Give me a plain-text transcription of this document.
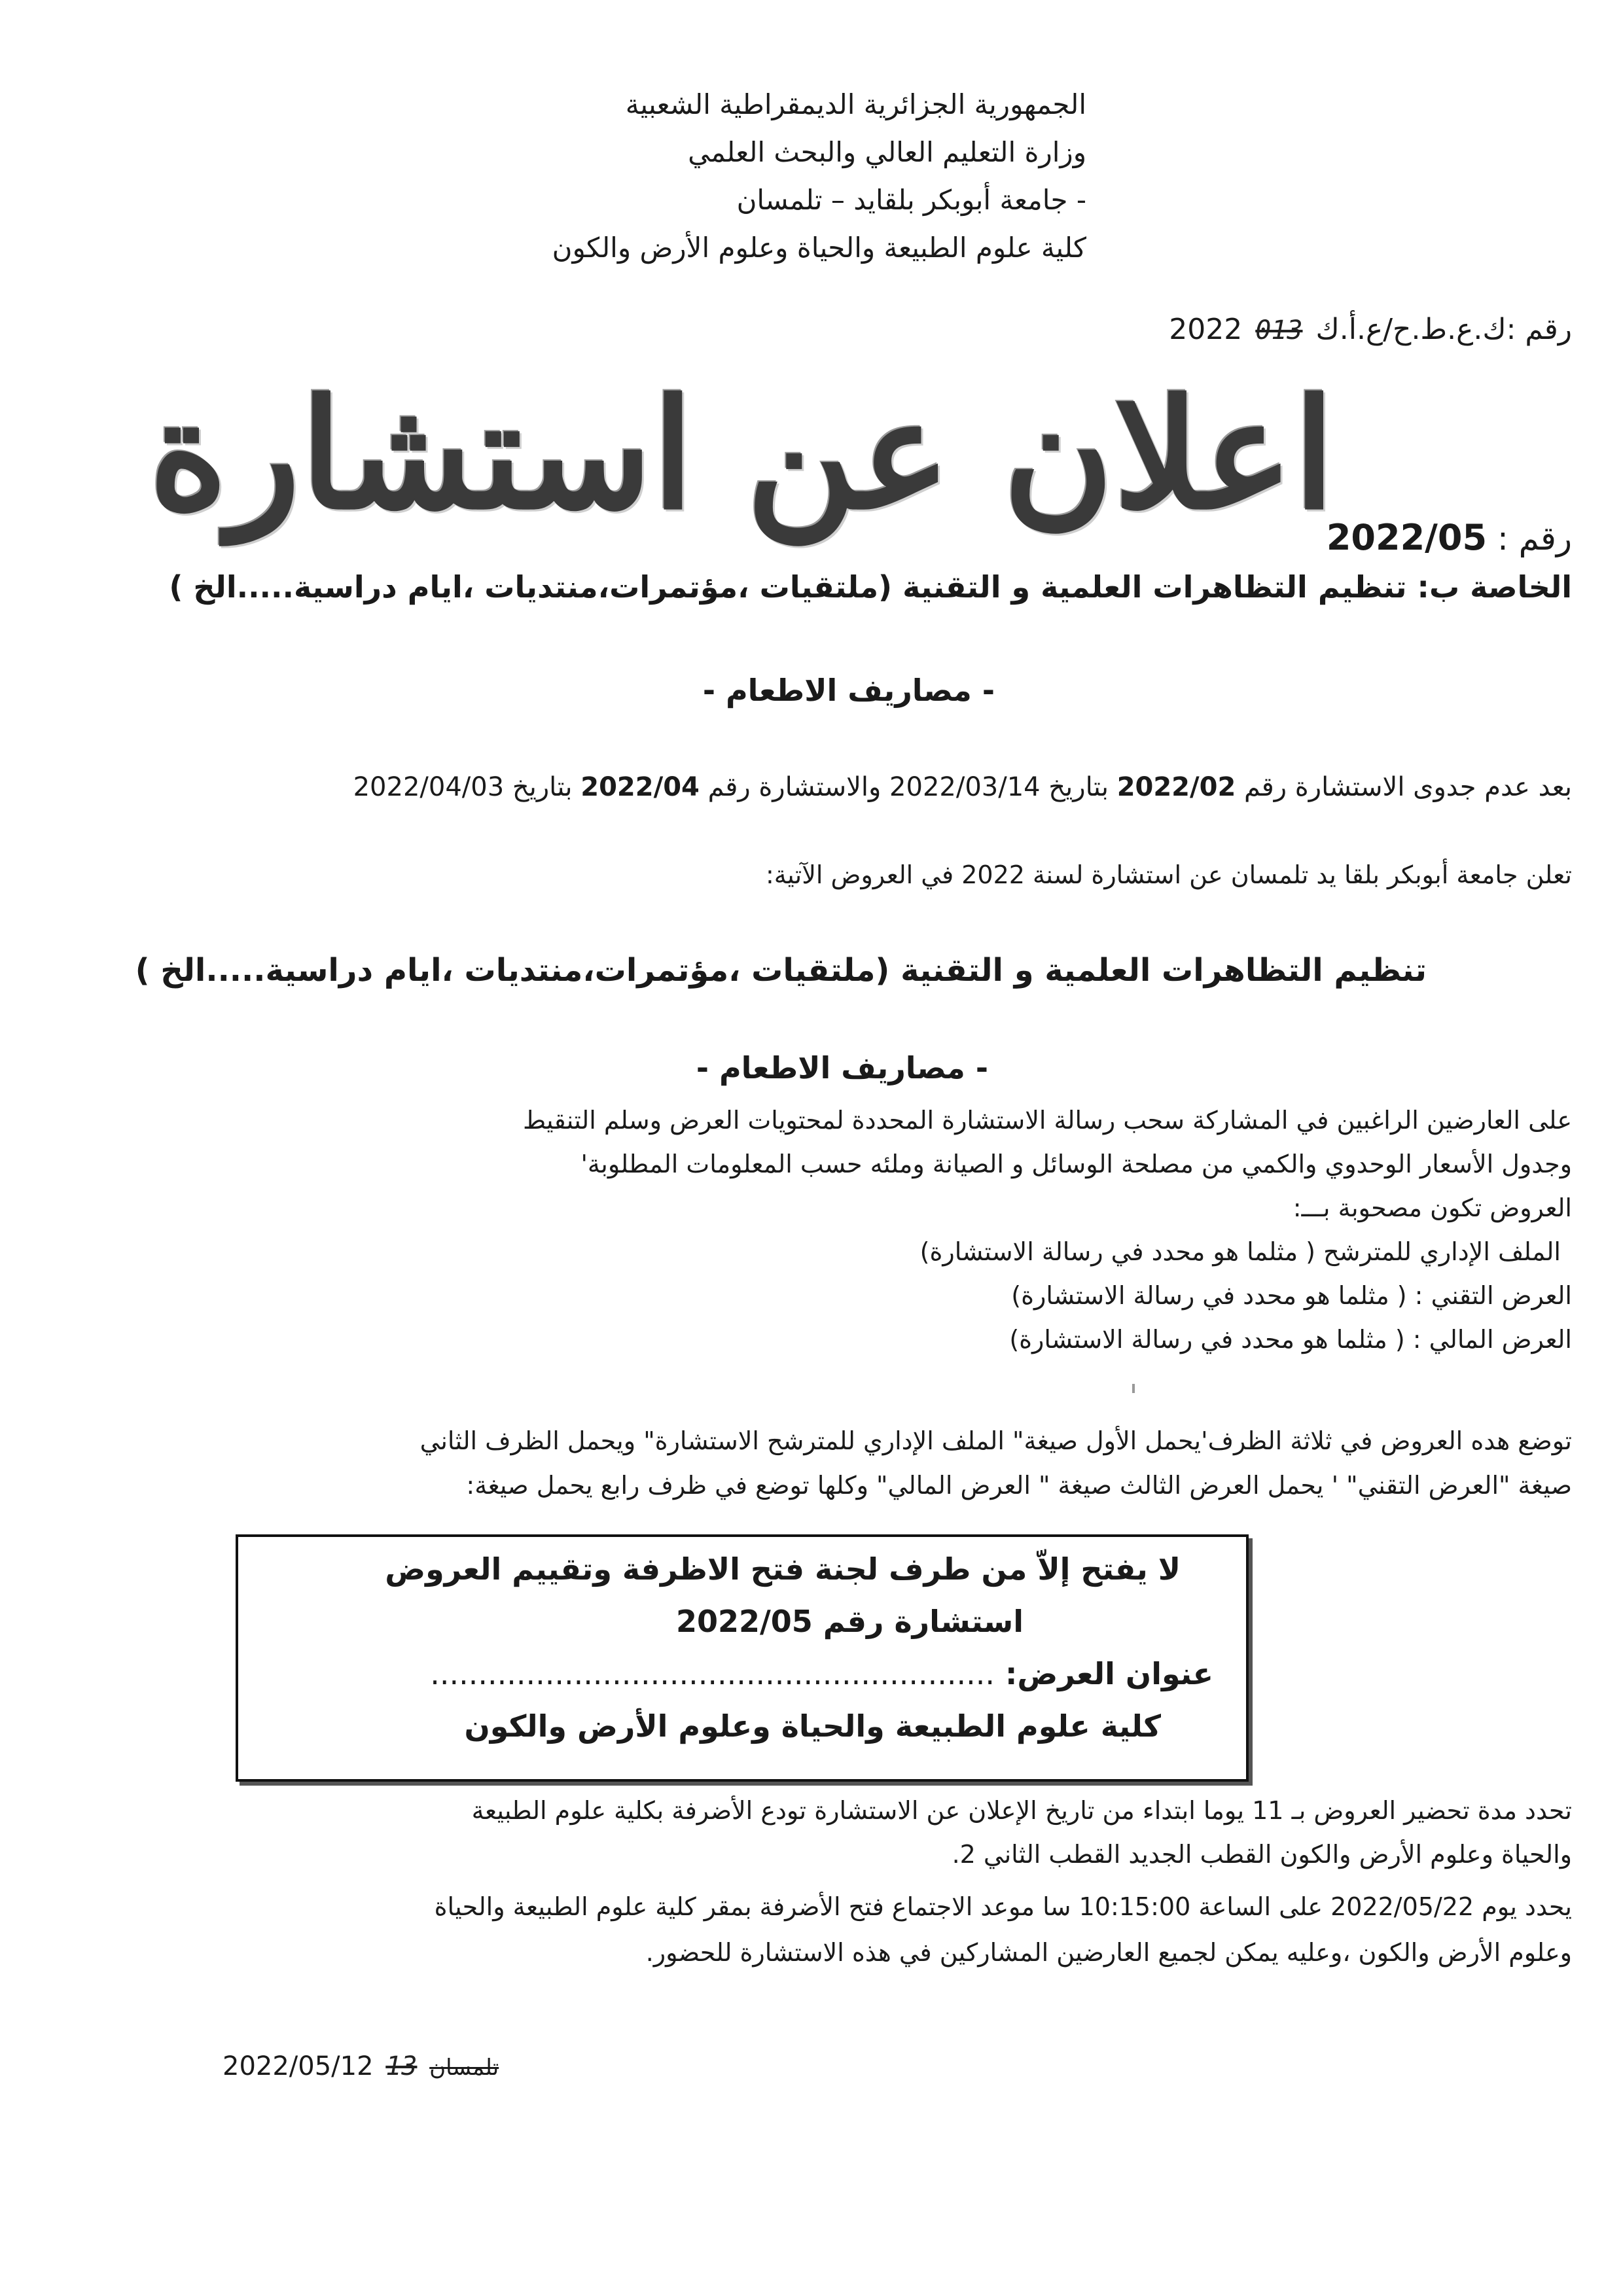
الجمهورية الجزائرية الديمقراطية الشعبية
وزارة التعليم العالي والبحث العلمي
- جامعة أبوبكر بلقايد – تلمسان
كلية علوم الطبيعة والحياة وعلوم الأرض والكون
رقم :ك.ع.ط.ح/ع.أ.ك 013 2022
اعلان عن استشارة	رقم : 2022/05
الخاصة ب: تنظيم التظاهرات العلمية و التقنية (ملتقيات ،مؤتمرات،منتديات ،ايام دراسية.....الخ )
- مصاريف الاطعام -
بعد عدم جدوى الاستشارة رقم 2022/02 بتاريخ 2022/03/14 والاستشارة رقم 2022/04 بتاريخ 2022/04/03
تعلن جامعة أبوبكر بلقا يد تلمسان عن استشارة لسنة 2022 في العروض الآتية:
تنظيم التظاهرات العلمية و التقنية (ملتقيات ،مؤتمرات،منتديات ،ايام دراسية.....الخ )
- مصاريف الاطعام -
على العارضين الراغبين في المشاركة سحب رسالة الاستشارة المحددة لمحتويات العرض وسلم التنقيط
وجدول الأسعار الوحدوي والكمي من مصلحة الوسائل و الصيانة وملئه حسب المعلومات المطلوبة'
العروض تكون مصحوبة بـــ:
الملف الإداري للمترشح ( مثلما هو محدد في رسالة الاستشارة)
العرض التقني : ( مثلما هو محدد في رسالة الاستشارة)
العرض المالي : ( مثلما هو محدد في رسالة الاستشارة)
توضع هده العروض في ثلاثة الظرف'يحمل الأول صيغة" الملف الإداري للمترشح الاستشارة" ويحمل الظرف الثاني
صيغة "العرض التقني" ' يحمل العرض الثالث صيغة " العرض المالي" وكلها توضع في ظرف رابع يحمل صيغة:
لا يفتح إلاّ من طرف لجنة فتح الاظرفة وتقييم العروض
استشارة رقم 2022/05
عنوان العرض: ...........................................................
كلية علوم الطبيعة والحياة وعلوم الأرض والكون
تحدد مدة تحضير العروض بـ 11 يوما ابتداء من تاريخ الإعلان عن الاستشارة تودع الأضرفة بكلية علوم الطبيعة
والحياة وعلوم الأرض والكون القطب الجديد القطب الثاني 2.
يحدد يوم 2022/05/22 على الساعة 10:15:00 سا موعد الاجتماع فتح الأضرفة بمقر كلية علوم الطبيعة والحياة
وعلوم الأرض والكون ،وعليه يمكن لجميع العارضين المشاركين في هذه الاستشارة للحضور.
2022/05/12 13 تلمسان
